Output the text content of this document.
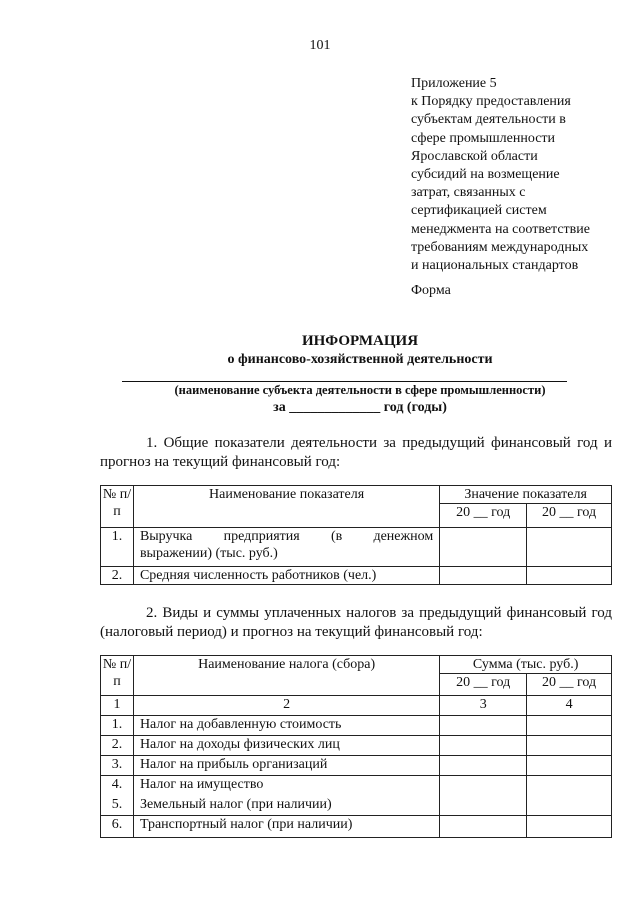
101
Приложение 5
к Порядку предоставления
субъектам деятельности в
сфере промышленности
Ярославской области
субсидий на возмещение
затрат, связанных с
сертификацией систем
менеджмента на соответствие
требованиям международных
и национальных стандартов
Форма
ИНФОРМАЦИЯ
о финансово-хозяйственной деятельности
(наименование субъекта деятельности в сфере промышленности)
за _____________ год (годы)
1. Общие показатели деятельности за предыдущий финансовый год и прогноз на текущий финансовый год:
№ п/п	Наименование показателя	Значение показателя	
		20 __ год	20 __ год
1.	Выручка предприятия (в денежном
выражении) (тыс. руб.)		

2.	Средняя численность работников (чел.)		
2. Виды и суммы уплаченных налогов за предыдущий финансовый год (налоговый период) и прогноз на текущий финансовый год:
№ п/п	Наименование налога (сбора)	Сумма (тыс. руб.)	
		20 __ год	20 __ год
1	2	3	4
1.	Налог на добавленную стоимость		
2.	Налог на доходы физических лиц		
3.	Налог на прибыль организаций		
4.	Налог на имущество		
5.	Земельный налог (при наличии)		
6.	Транспортный налог (при наличии)		
